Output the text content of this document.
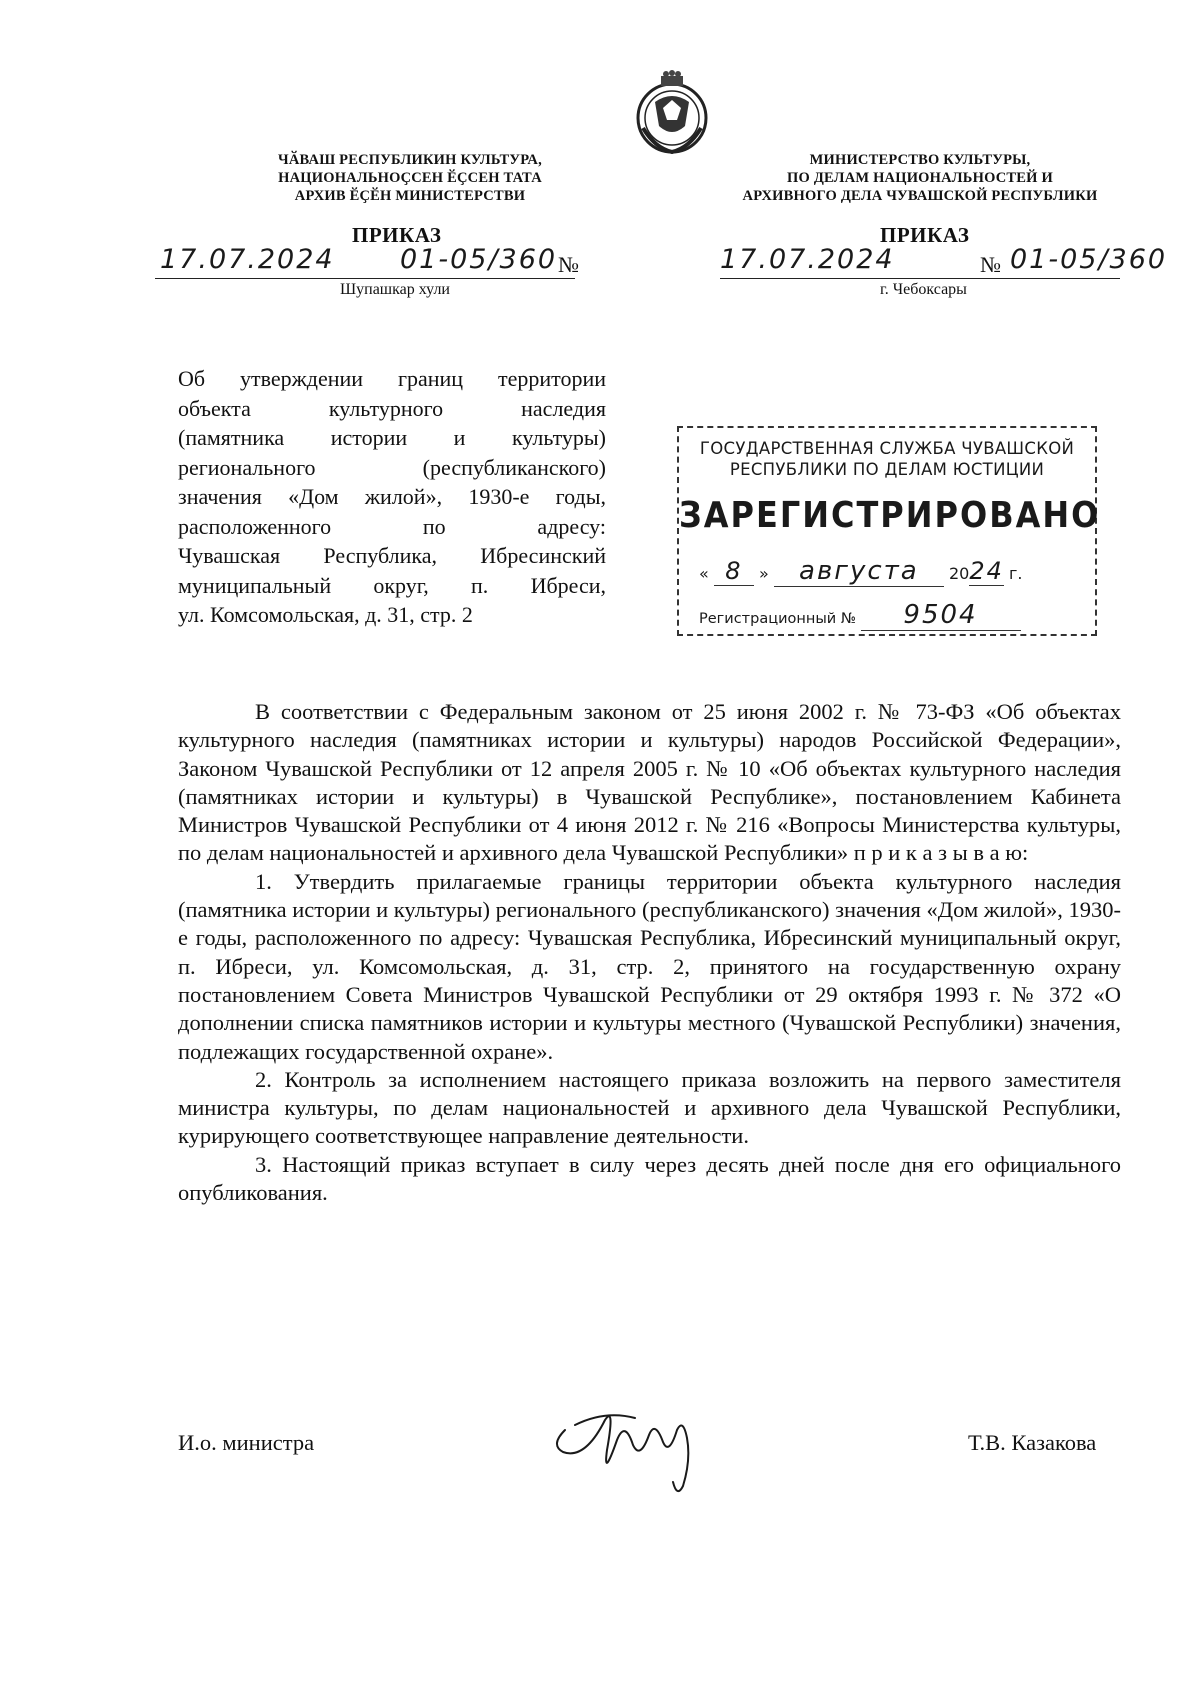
ЧӐВАШ РЕСПУБЛИКИН КУЛЬТУРА,
НАЦИОНАЛЬНОҪСЕН ӖҪСЕН ТАТА
АРХИВ ӖҪӖН МИНИСТЕРСТВИ
МИНИСТЕРСТВО КУЛЬТУРЫ,
ПО ДЕЛАМ НАЦИОНАЛЬНОСТЕЙ И
АРХИВНОГО ДЕЛА ЧУВАШСКОЙ РЕСПУБЛИКИ
ПРИКАЗ
17.07.2024 01-05/360 №
Шупашкар хули
ПРИКАЗ
17.07.2024	№ 01-05/360
г. Чебоксары
Об утверждении границ территории
объекта культурного наследия
(памятника истории и культуры)
регионального (республиканского)
значения «Дом жилой», 1930-е годы,
расположенного по адресу:
Чувашская Республика, Ибресинский
муниципальный округ, п. Ибреси,
ул. Комсомольская, д. 31, стр. 2
ГОСУДАРСТВЕННАЯ СЛУЖБА ЧУВАШСКОЙ
РЕСПУБЛИКИ ПО ДЕЛАМ ЮСТИЦИИ
ЗАРЕГИСТРИРОВАНО
« 8 » августа 2024 г.
Регистрационный № 9504

В соответствии с Федеральным законом от 25 июня 2002 г. № 73-ФЗ «Об объектах культурного наследия (памятниках истории и культуры) народов Российской Федерации», Законом Чувашской Республики от 12 апреля 2005 г. № 10 «Об объектах культурного наследия (памятниках истории и культуры) в Чувашской Республике», постановлением Кабинета Министров Чувашской Республики от 4 июня 2012 г. № 216 «Вопросы Министерства культуры, по делам национальностей и архивного дела Чувашской Республики» п р и к а з ы в а ю:

1. Утвердить прилагаемые границы территории объекта культурного наследия (памятника истории и культуры) регионального (республиканского) значения «Дом жилой», 1930-е годы, расположенного по адресу: Чувашская Республика, Ибресинский муниципальный округ, п. Ибреси, ул. Комсомольская, д. 31, стр. 2, принятого на государственную охрану постановлением Совета Министров Чувашской Республики от 29 октября 1993 г. № 372 «О дополнении списка памятников истории и культуры местного (Чувашской Республики) значения, подлежащих государственной охране».

2. Контроль за исполнением настоящего приказа возложить на первого заместителя министра культуры, по делам национальностей и архивного дела Чувашской Республики, курирующего соответствующее направление деятельности.

3. Настоящий приказ вступает в силу через десять дней после дня его официального опубликования.

И.о. министра	Т.В. Казакова
